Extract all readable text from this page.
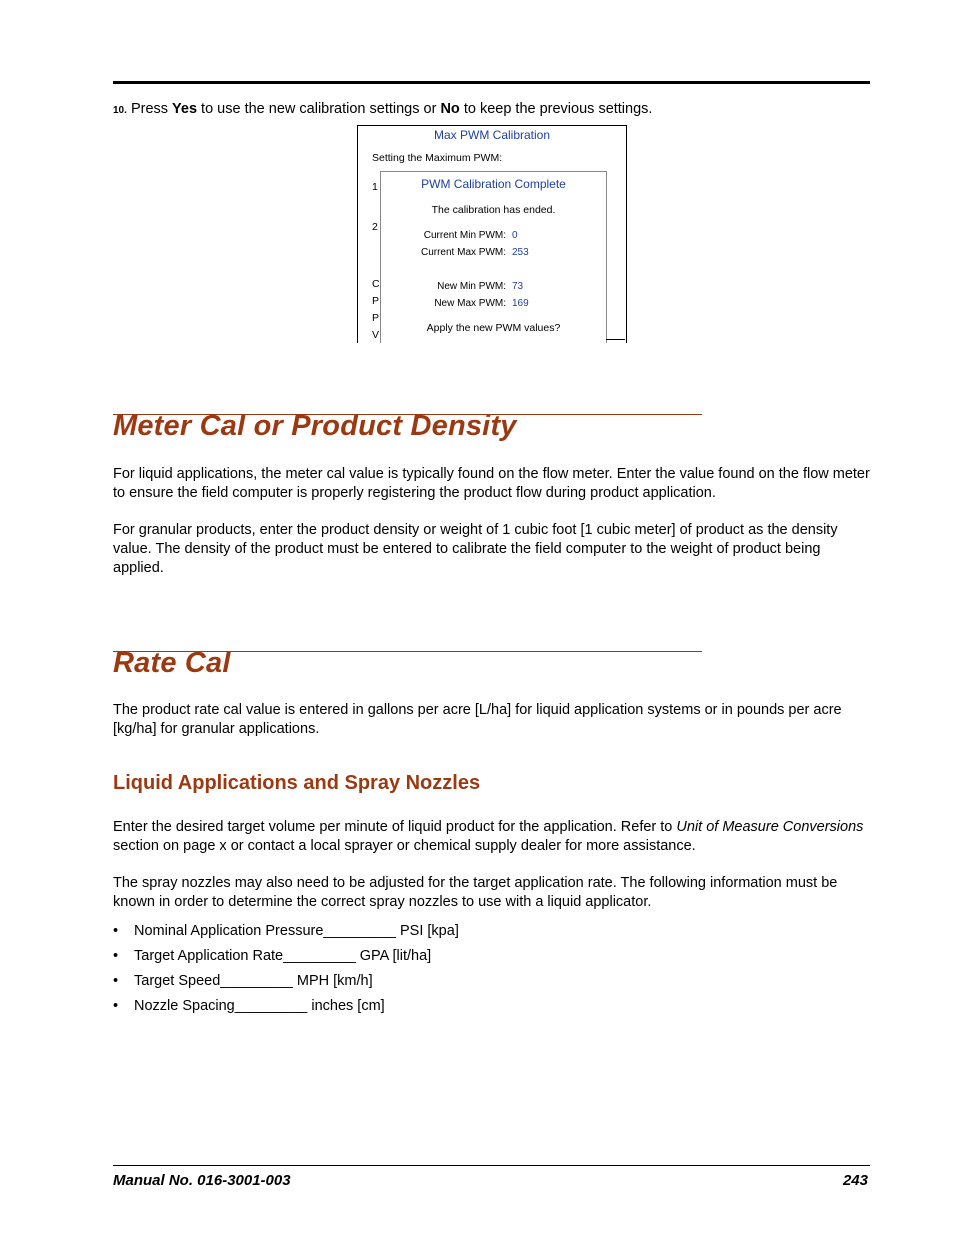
10. Press Yes to use the new calibration settings or No to keep the previous settings.
Max PWM Calibration
Setting the Maximum PWM:
1
2
C
P
P
V
PWM Calibration Complete
The calibration has ended.
Current Min PWM: 0
Current Max PWM: 253
New Min PWM: 73
New Max PWM: 169
Apply the new PWM values?
Meter Cal or Product Density

For liquid applications, the meter cal value is typically found on the flow meter. Enter the value found on the flow meter to ensure the field computer is properly registering the product flow during product application.

For granular products, enter the product density or weight of 1 cubic foot [1 cubic meter] of product as the density value. The density of the product must be entered to calibrate the field computer to the weight of product being applied.

Rate Cal

The product rate cal value is entered in gallons per acre [L/ha] for liquid application systems or in pounds per acre [kg/ha] for granular applications.

Liquid Applications and Spray Nozzles

Enter the desired target volume per minute of liquid product for the application. Refer to Unit of Measure Conversions section on page x or contact a local sprayer or chemical supply dealer for more assistance.

The spray nozzles may also need to be adjusted for the target application rate. The following information must be known in order to determine the correct spray nozzles to use with a liquid applicator.

• Nominal Application Pressure_________ PSI [kpa]
• Target Application Rate_________ GPA [lit/ha]
• Target Speed_________ MPH [km/h]
• Nozzle Spacing_________ inches [cm]
Manual No. 016-3001-003	243
